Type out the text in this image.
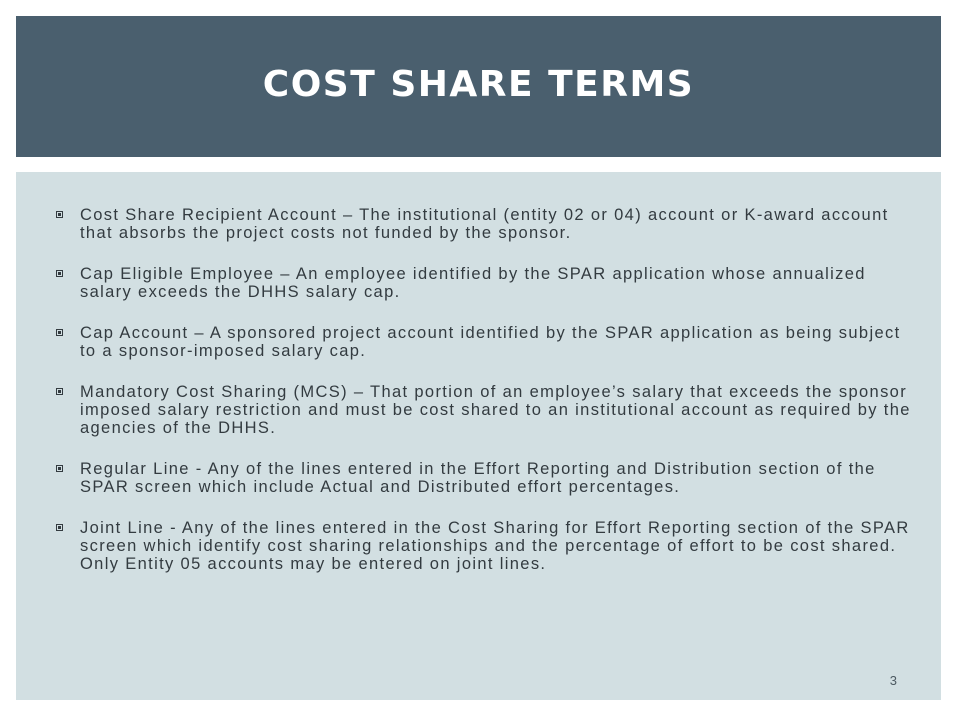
COST SHARE TERMS
Cost Share Recipient Account – The institutional (entity 02 or 04) account or K-award account that absorbs the project costs not funded by the sponsor.
Cap Eligible Employee – An employee identified by the SPAR application whose annualized salary exceeds the DHHS salary cap.
Cap Account – A sponsored project account identified by the SPAR application as being subject to a sponsor-imposed salary cap.
Mandatory Cost Sharing (MCS) – That portion of an employee’s salary that exceeds the sponsor imposed salary restriction and must be cost shared to an institutional account as required by the agencies of the DHHS.
Regular Line - Any of the lines entered in the Effort Reporting and Distribution section of the SPAR screen which include Actual and Distributed effort percentages.
Joint Line - Any of the lines entered in the Cost Sharing for Effort Reporting section of the SPAR screen which identify cost sharing relationships and the percentage of effort to be cost shared. Only Entity 05 accounts may be entered on joint lines.
3
